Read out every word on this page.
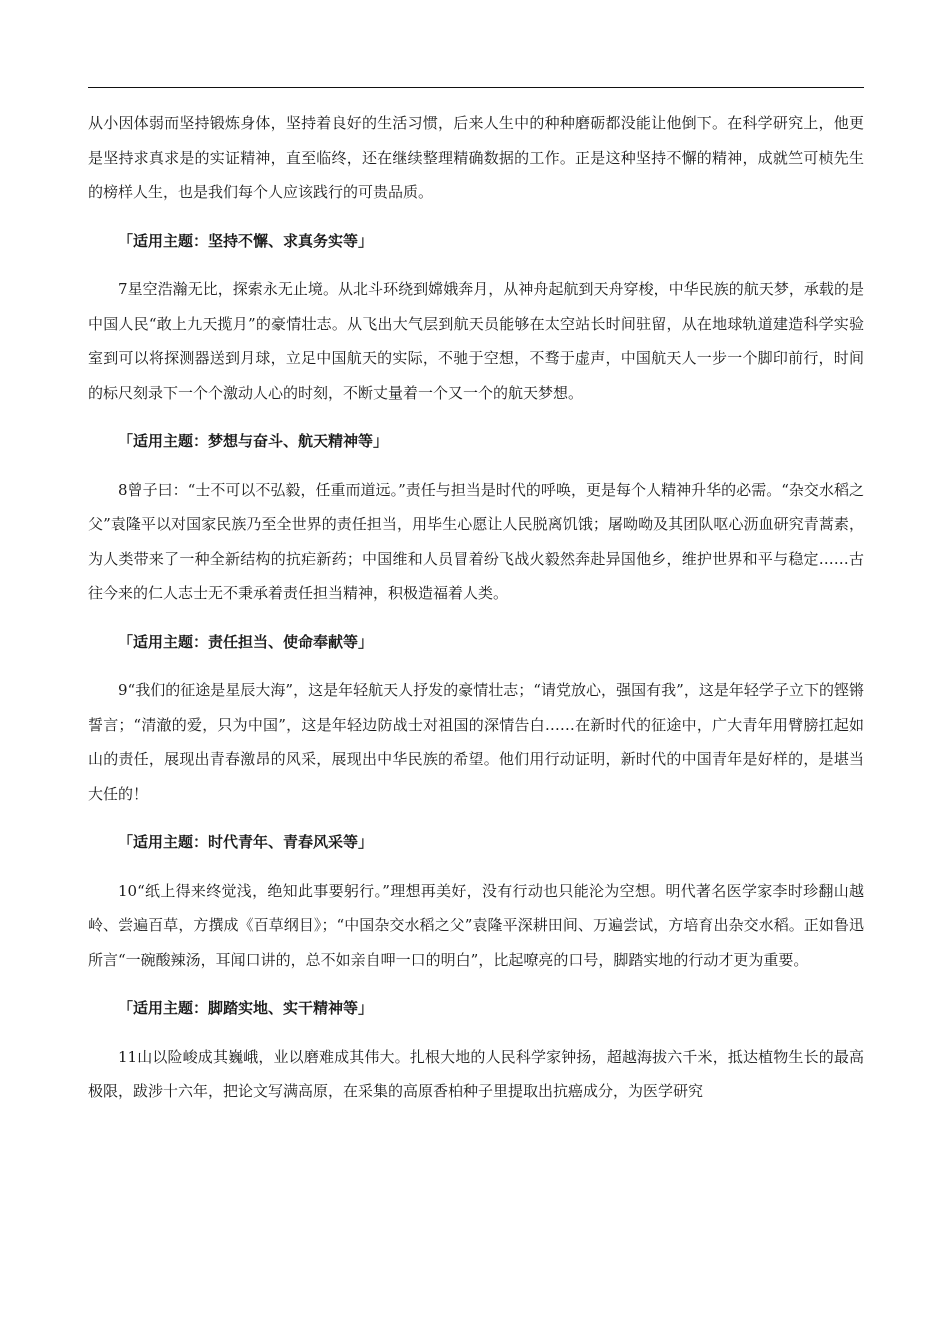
从小因体弱而坚持锻炼身体，坚持着良好的生活习惯，后来人生中的种种磨砺都没能让他倒下。在科学研究上，他更是坚持求真求是的实证精神，直至临终，还在继续整理精确数据的工作。正是这种坚持不懈的精神，成就竺可桢先生的榜样人生，也是我们每个人应该践行的可贵品质。

「适用主题：坚持不懈、求真务实等」

7星空浩瀚无比，探索永无止境。从北斗环绕到嫦娥奔月，从神舟起航到天舟穿梭，中华民族的航天梦，承载的是中国人民“敢上九天揽月”的豪情壮志。从飞出大气层到航天员能够在太空站长时间驻留，从在地球轨道建造科学实验室到可以将探测器送到月球，立足中国航天的实际，不驰于空想，不骛于虚声，中国航天人一步一个脚印前行，时间的标尺刻录下一个个激动人心的时刻，不断丈量着一个又一个的航天梦想。

「适用主题：梦想与奋斗、航天精神等」

8曾子曰：“士不可以不弘毅，任重而道远。”责任与担当是时代的呼唤，更是每个人精神升华的必需。“杂交水稻之父”袁隆平以对国家民族乃至全世界的责任担当，用毕生心愿让人民脱离饥饿；屠呦呦及其团队呕心沥血研究青蒿素，为人类带来了一种全新结构的抗疟新药；中国维和人员冒着纷飞战火毅然奔赴异国他乡，维护世界和平与稳定……古往今来的仁人志士无不秉承着责任担当精神，积极造福着人类。

「适用主题：责任担当、使命奉献等」

9“我们的征途是星辰大海”，这是年轻航天人抒发的豪情壮志；“请党放心，强国有我”，这是年轻学子立下的铿锵誓言；“清澈的爱，只为中国”，这是年轻边防战士对祖国的深情告白……在新时代的征途中，广大青年用臂膀扛起如山的责任，展现出青春激昂的风采，展现出中华民族的希望。他们用行动证明，新时代的中国青年是好样的，是堪当大任的！

「适用主题：时代青年、青春风采等」

10“纸上得来终觉浅，绝知此事要躬行。”理想再美好，没有行动也只能沦为空想。明代著名医学家李时珍翻山越岭、尝遍百草，方撰成《百草纲目》；“中国杂交水稻之父”袁隆平深耕田间、万遍尝试，方培育出杂交水稻。正如鲁迅所言“一碗酸辣汤，耳闻口讲的，总不如亲自呷一口的明白”，比起嘹亮的口号，脚踏实地的行动才更为重要。

「适用主题：脚踏实地、实干精神等」

11山以险峻成其巍峨，业以磨难成其伟大。扎根大地的人民科学家钟扬，超越海拔六千米，抵达植物生长的最高极限，跋涉十六年，把论文写满高原，在采集的高原香柏种子里提取出抗癌成分，为医学研究
